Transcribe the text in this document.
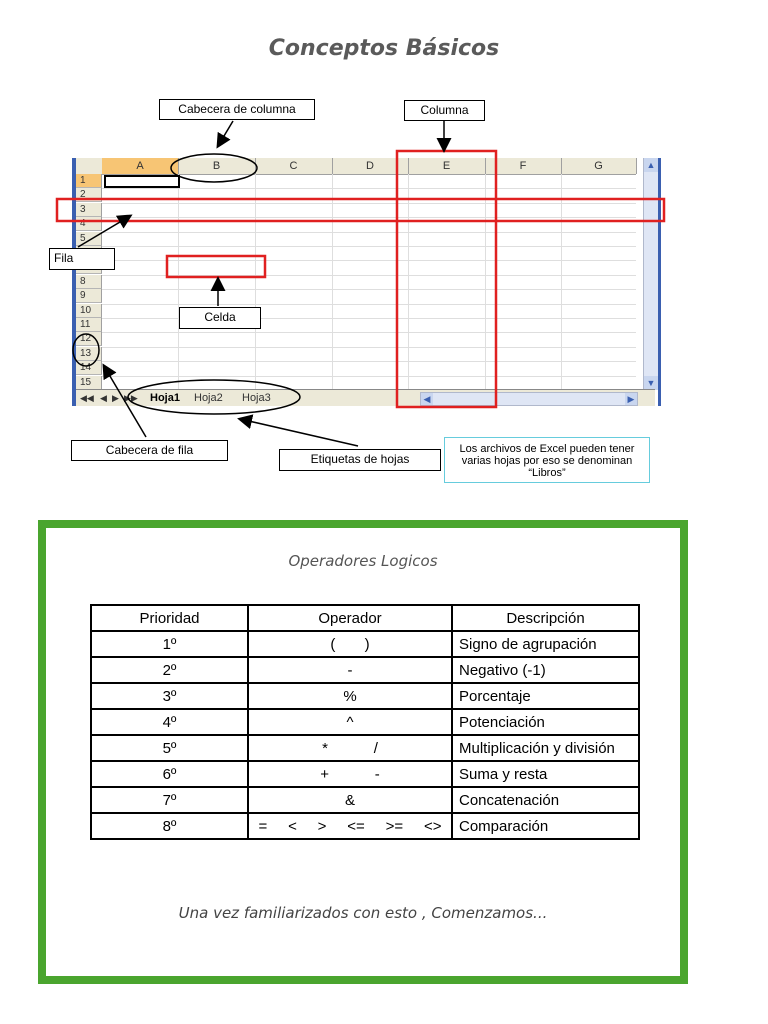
Conceptos Básicos
A	B	C	D	E	F	G
1
2
3
4
5
8
9
10
11
12
13
14
15
▲
▼
◀◀ ◀ ▶ ▶▶ Hoja1 Hoja2 Hoja3	◀	▶
Cabecera de columna	Columna
Fila
Celda
Cabecera de fila
Etiquetas de hojas
Los archivos de Excel pueden tener varias hojas por eso se denominan “Libros”
Operadores Logicos
Prioridad	Operador	Descripción
1º	(       )	Signo de agrupación
2º	-	Negativo (-1)
3º	%	Porcentaje
4º	^	Potenciación
5º	*           /	Multiplicación y división
6º	+           -	Suma y resta
7º	&	Concatenación
8º	=     <     >     <=     >=     <>	Comparación
Una vez familiarizados con esto , Comenzamos...
